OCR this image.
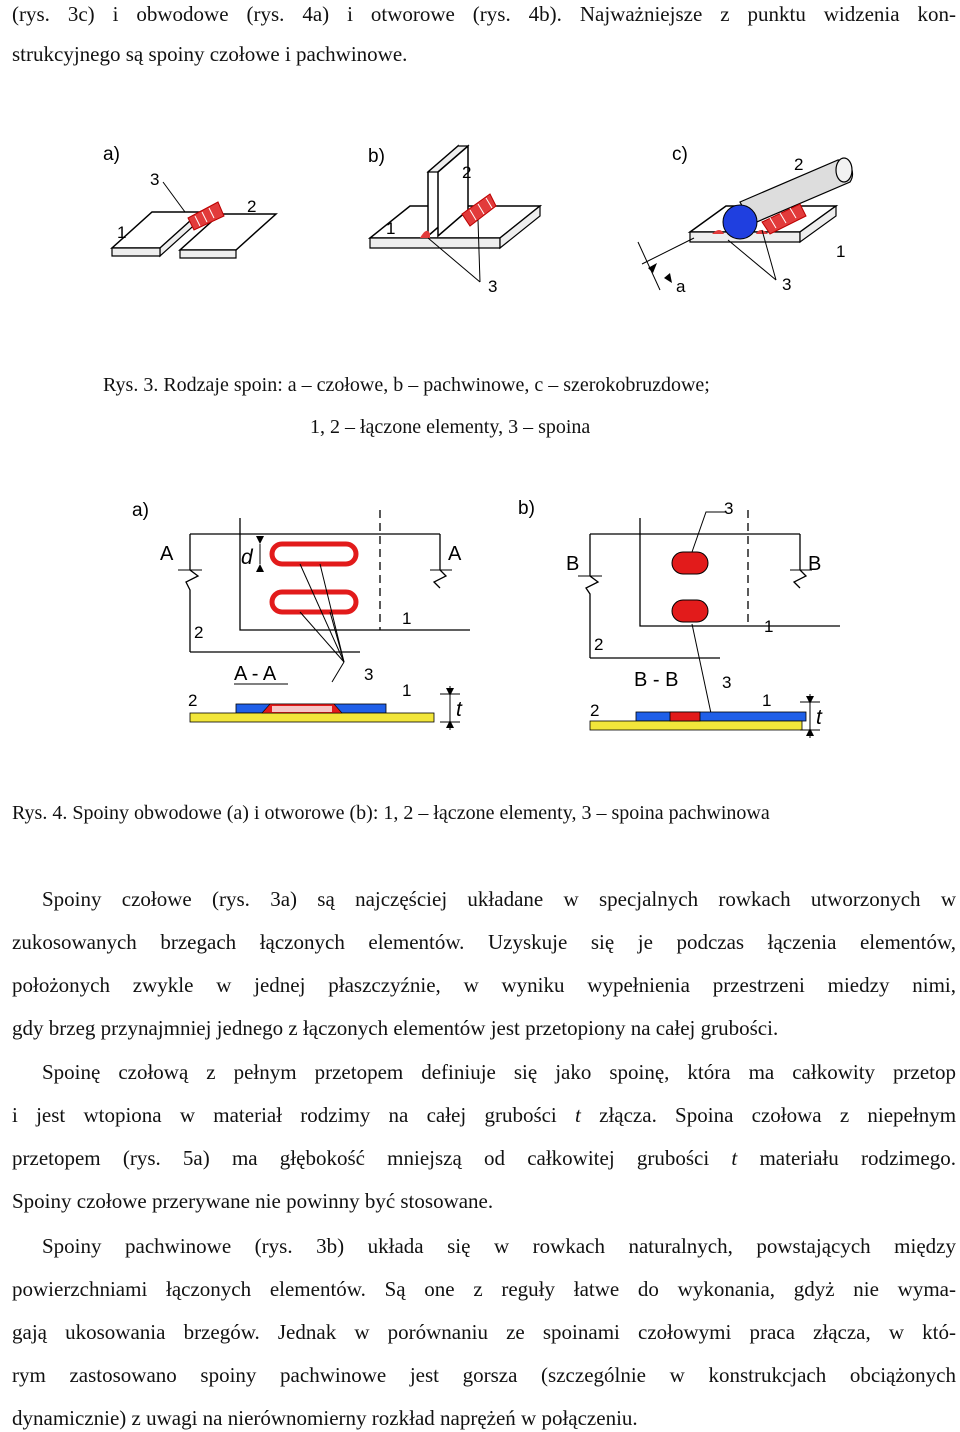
(rys. 3c) i obwodowe (rys. 4a) i otworowe (rys. 4b). Najważniejsze z punktu widzenia kon-
strukcyjnego są spoiny czołowe i pachwinowe.
a)
3
2
1
b)
2
1
3
c)	2
1
3
a
Rys. 3. Rodzaje spoin: a – czołowe, b – pachwinowe, c – szerokobruzdowe;
1, 2 – łączone elementy, 3 – spoina
a)
A	A
d
1
2
A - A	3
1
2	t
b)	3
B	B
1
2
B - B	3
1
2	t
Rys. 4. Spoiny obwodowe (a) i otworowe (b): 1, 2 – łączone elementy, 3 – spoina pachwinowa
Spoiny czołowe (rys. 3a) są najczęściej układane w specjalnych rowkach utworzonych w
zukosowanych brzegach łączonych elementów. Uzyskuje się je podczas łączenia elementów,
położonych zwykle w jednej płaszczyźnie, w wyniku wypełnienia przestrzeni miedzy nimi,
gdy brzeg przynajmniej jednego z łączonych elementów jest przetopiony na całej grubości.
Spoinę czołową z pełnym przetopem definiuje się jako spoinę, która ma całkowity przetop
i jest wtopiona w materiał rodzimy na całej grubości t złącza. Spoina czołowa z niepełnym
przetopem (rys. 5a) ma głębokość mniejszą od całkowitej grubości t materiału rodzimego.
Spoiny czołowe przerywane nie powinny być stosowane.
Spoiny pachwinowe (rys. 3b) układa się w rowkach naturalnych, powstających między
powierzchniami łączonych elementów. Są one z reguły łatwe do wykonania, gdyż nie wyma-
gają ukosowania brzegów. Jednak w porównaniu ze spoinami czołowymi praca złącza, w któ-
rym zastosowano spoiny pachwinowe jest gorsza (szczególnie w konstrukcjach obciążonych
dynamicznie) z uwagi na nierównomierny rozkład naprężeń w połączeniu.
